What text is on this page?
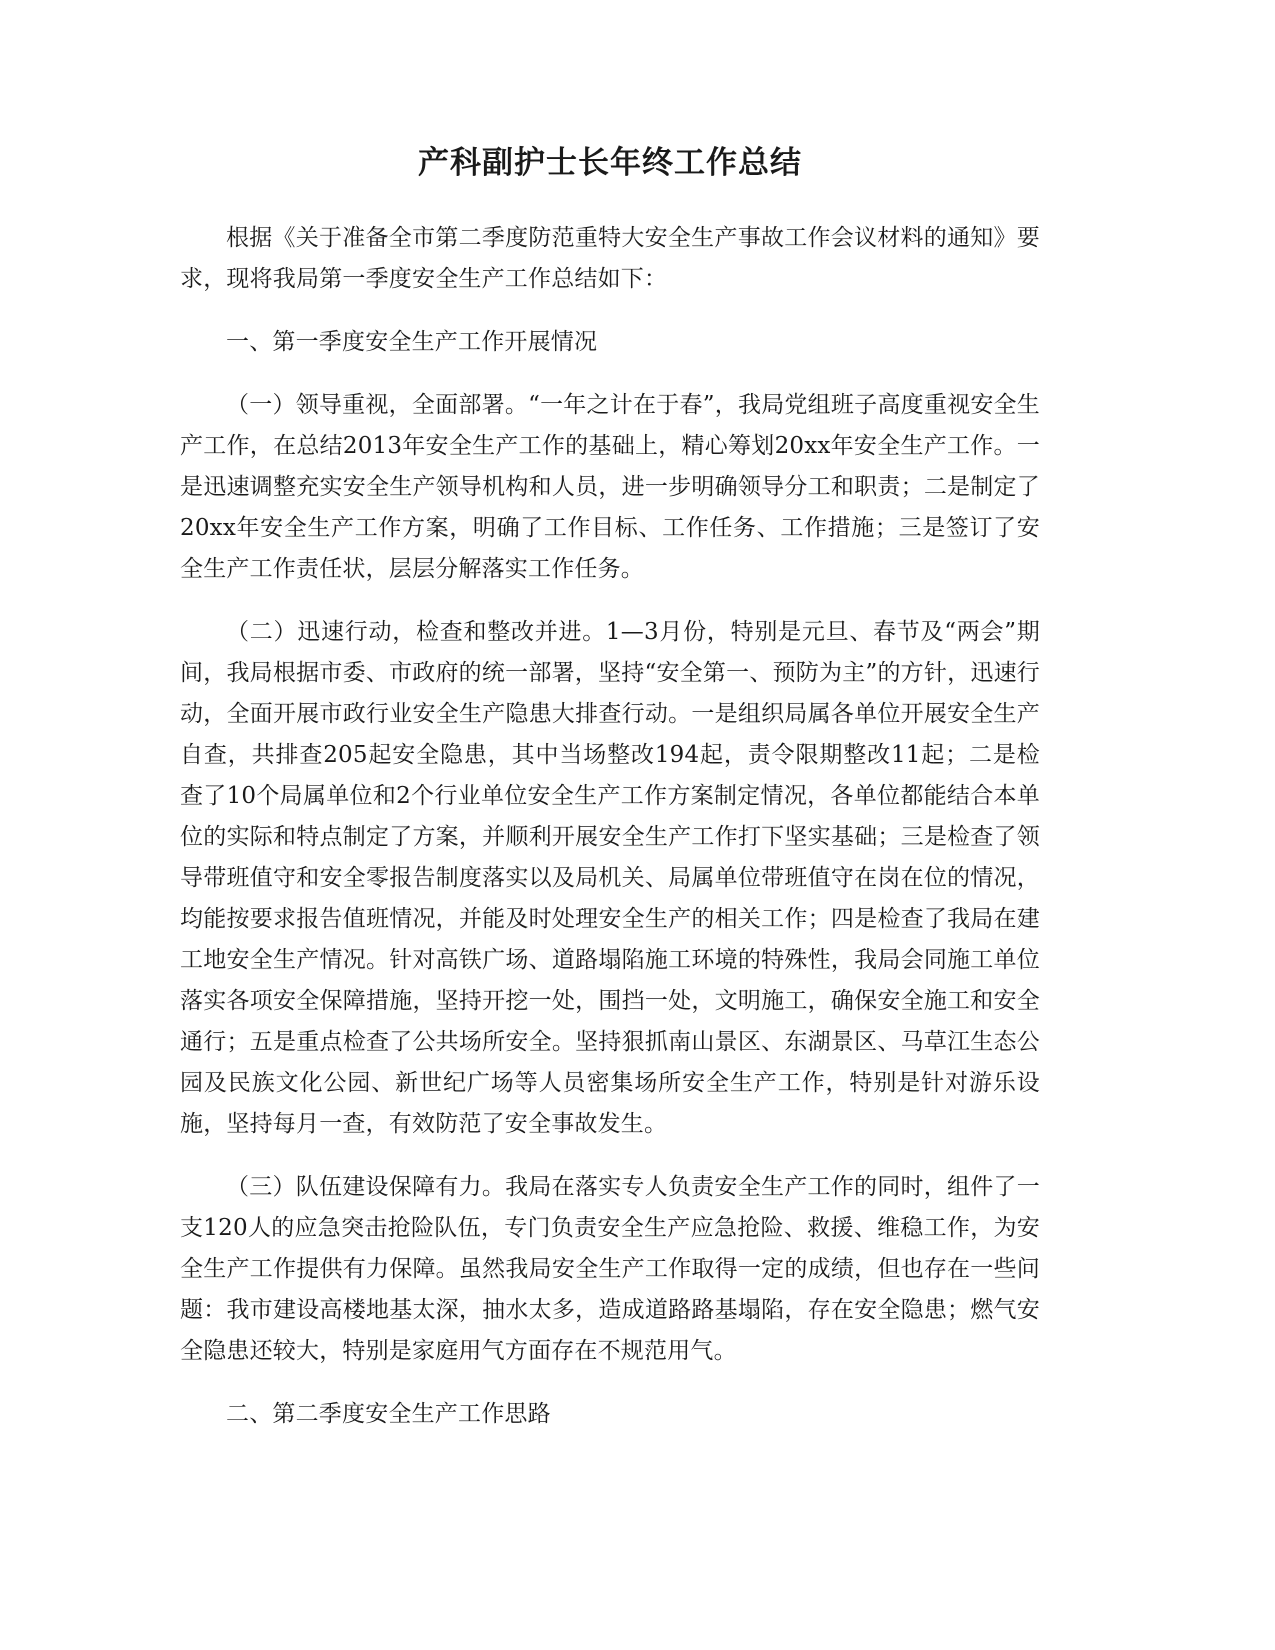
产科副护士长年终工作总结

根据《关于准备全市第二季度防范重特大安全生产事故工作会议材料的通知》要求，现将我局第一季度安全生产工作总结如下：

一、第一季度安全生产工作开展情况

（一）领导重视，全面部署。“一年之计在于春”，我局党组班子高度重视安全生产工作，在总结2013年安全生产工作的基础上，精心筹划20xx年安全生产工作。一是迅速调整充实安全生产领导机构和人员，进一步明确领导分工和职责；二是制定了20xx年安全生产工作方案，明确了工作目标、工作任务、工作措施；三是签订了安全生产工作责任状，层层分解落实工作任务。

（二）迅速行动，检查和整改并进。1—3月份，特别是元旦、春节及“两会”期间，我局根据市委、市政府的统一部署，坚持“安全第一、预防为主”的方针，迅速行动，全面开展市政行业安全生产隐患大排查行动。一是组织局属各单位开展安全生产自查，共排查205起安全隐患，其中当场整改194起，责令限期整改11起；二是检查了10个局属单位和2个行业单位安全生产工作方案制定情况，各单位都能结合本单位的实际和特点制定了方案，并顺利开展安全生产工作打下坚实基础；三是检查了领导带班值守和安全零报告制度落实以及局机关、局属单位带班值守在岗在位的情况，均能按要求报告值班情况，并能及时处理安全生产的相关工作；四是检查了我局在建工地安全生产情况。针对高铁广场、道路塌陷施工环境的特殊性，我局会同施工单位落实各项安全保障措施，坚持开挖一处，围挡一处，文明施工，确保安全施工和安全通行；五是重点检查了公共场所安全。坚持狠抓南山景区、东湖景区、马草江生态公园及民族文化公园、新世纪广场等人员密集场所安全生产工作，特别是针对游乐设施，坚持每月一查，有效防范了安全事故发生。

（三）队伍建设保障有力。我局在落实专人负责安全生产工作的同时，组件了一支120人的应急突击抢险队伍，专门负责安全生产应急抢险、救援、维稳工作，为安全生产工作提供有力保障。虽然我局安全生产工作取得一定的成绩，但也存在一些问题：我市建设高楼地基太深，抽水太多，造成道路路基塌陷，存在安全隐患；燃气安全隐患还较大，特别是家庭用气方面存在不规范用气。

二、第二季度安全生产工作思路
